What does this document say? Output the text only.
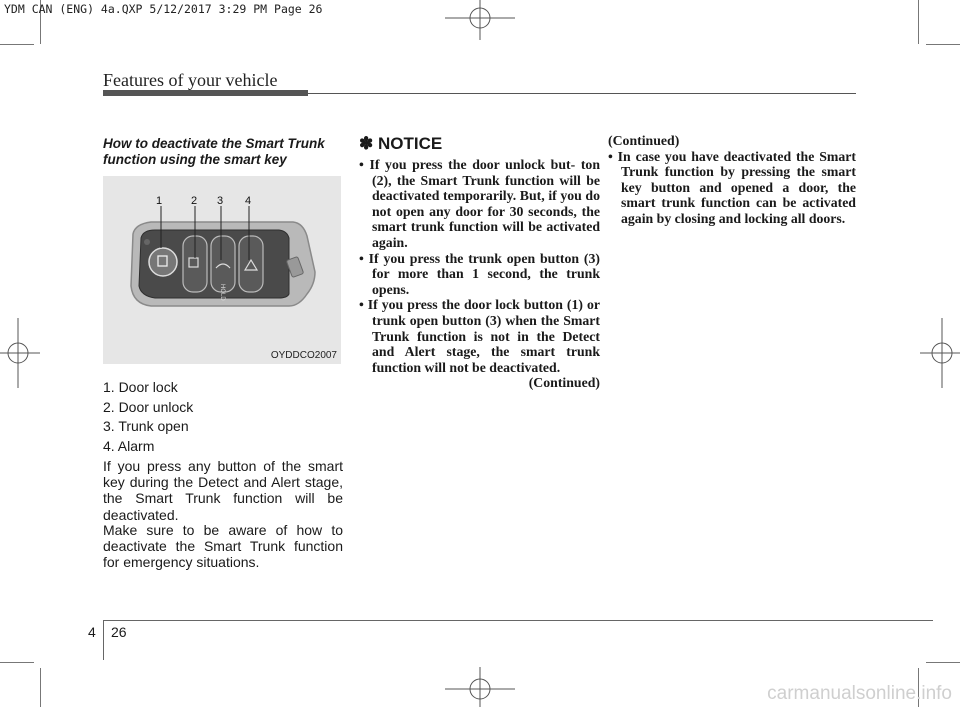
YDM CAN (ENG) 4a.QXP 5/12/2017 3:29 PM Page 26
Features of your vehicle
How to deactivate the Smart Trunk function using the smart key
HOLD
1	2 3 4
OYDDCO2007
1. Door lock
2. Door unlock
3. Trunk open
4. Alarm
If you press any button of the smart key during the Detect and Alert stage, the Smart Trunk function will be deactivated.
Make sure to be aware of how to deactivate the Smart Trunk function for emergency situations.
✽ NOTICE

• If you press the door unlock but- ton (2), the Smart Trunk function will be deactivated temporarily. But, if you do not open any door for 30 seconds, the smart trunk function will be activated again.

• If you press the trunk open button (3) for more than 1 second, the trunk opens.

• If you press the door lock button (1) or trunk open button (3) when the Smart Trunk function is not in the Detect and Alert stage, the smart trunk function will not be deactivated.

(Continued)
(Continued)

• In case you have deactivated the Smart Trunk function by pressing the smart key button and opened a door, the smart trunk function can be activated again by closing and locking all doors.

4 26
carmanualsonline.info
